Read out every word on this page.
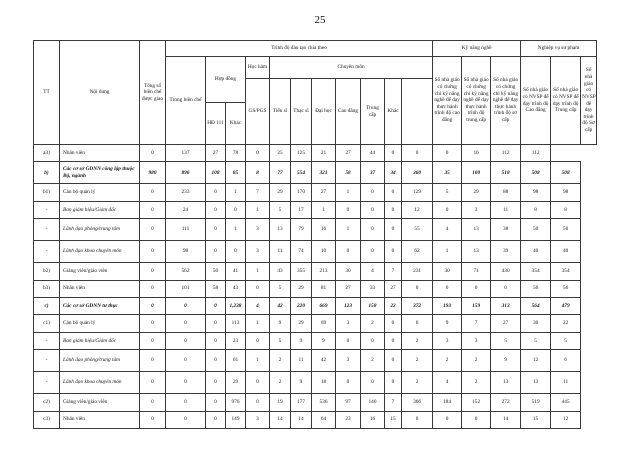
25
TT	Nội dung	Tổng số biên chế được giao	Trình độ đào tạo chia theo											Kỹ năng nghề			Nghiệp vụ sư phạm		
			Trong biên chế	Hợp đồng		Học hàm	Chuyên môn							Số nhà giáo có chứng chỉ kỹ năng nghề để dạy thực hành trình độ cao đẳng	Số nhà giáo có chứng chỉ kỹ năng nghề để dạy thực hành trình độ trung cấp	Số nhà giáo có chứng chỉ kỹ năng nghề để dạy thực hành trình độ sơ cấp	Số nhà giáo có NVSP để dạy trình độ Cao đẳng	Số nhà giáo có NVSP để dạy trình độ Trung cấp	Số nhà giáo có NVSP để dạy trình độ Sơ cấp
						GS/PGS	Tiến sĩ	Thạc sĩ	Đại học	Cao đẳng	Trung cấp	Khác							
				HĐ 111	Khác														
a3)	Nhân viên	0	137	27	78	0	25	125	21	27	44	0	0	0	16	112	112		
b)	Các cơ sở GDNN công lập thuộc Bộ, ngành	980	896	108	85	8	77	554	321	58	37	34	360	35	100	518	508	508	
b1)	Cán bộ quản lý	0	233	0	1	7	29	170	27	1	0	0	129	5	29	88	98	98	
-	Ban giám hiệu/Giám đốc	0	24	0	0	1	5	17	1	0	0	0	12	0	3	11	8	8	
-	Lãnh đạo phòng/trung tâm	0	111	0	1	3	13	79	16	1	0	0	55	4	13	38	50	50	
-	Lãnh đạo khoa chuyên môn	0	98	0	0	3	11	74	10	0	0	0	62	1	13	39	40	40	
b2)	Giảng viên/giáo viên	0	562	50	41	1	43	355	213	30	4	7	231	30	71	430	354	354	
b3)	Nhân viên	0	101	58	43	0	5	29	81	27	33	27	0	0	0	0	56	56	
c)	Các cơ sở GDNN tư thục	0	0	0	1,238	4	42	220	669	123	158	22	372	193	159	313	564	479	
c1)	Cán bộ quản lý	0	0	0	113	1	9	29	69	3	2	0	6	9	7	27	30	22	
-	Ban giám hiệu/Giám đốc	0	0	0	23	0	5	9	9	0	0	0	2	3	3	5	5	5	
-	Lãnh đạo phòng/trung tâm	0	0	0	61	1	2	11	42	3	2	0	2	2	2	9	12	6	
-	Lãnh đạo khoa chuyên môn	0	0	0	29	0	2	9	18	0	0	0	2	4	2	13	13	11	
c2)	Giảng viên/giáo viên	0	0	0	976	0	19	177	536	97	140	7	366	184	152	272	519	445	
c3)	Nhân viên	0	0	0	149	3	14	14	64	23	16	15	0	0	0	14	15	12	
